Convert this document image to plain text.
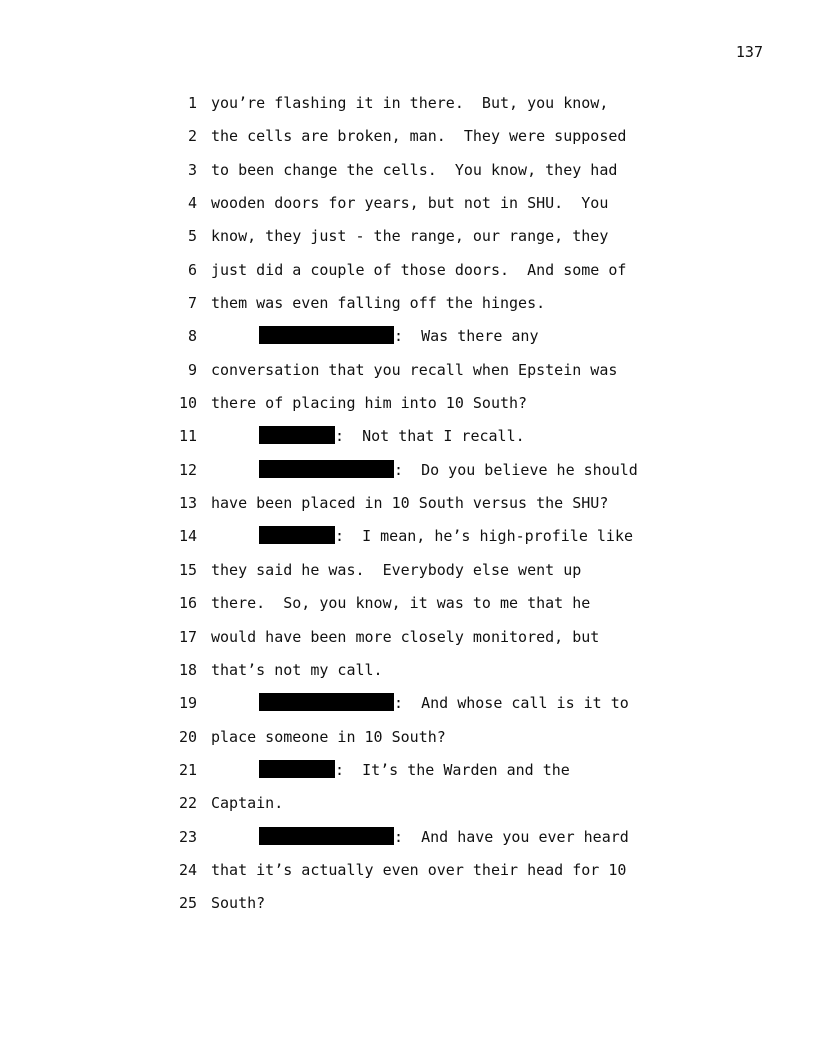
137
1 you’re flashing it in there.  But, you know,
2 the cells are broken, man.  They were supposed
3 to been change the cells.  You know, they had
4 wooden doors for years, but not in SHU.  You
5 know, they just - the range, our range, they
6 just did a couple of those doors.  And some of
7 them was even falling off the hinges.
8	:  Was there any
9 conversation that you recall when Epstein was
10 there of placing him into 10 South?
11	:  Not that I recall.
12	:  Do you believe he should
13 have been placed in 10 South versus the SHU?
14	:  I mean, he’s high-profile like
15 they said he was.  Everybody else went up
16 there.  So, you know, it was to me that he
17 would have been more closely monitored, but
18 that’s not my call.
19	:  And whose call is it to
20 place someone in 10 South?
21	:  It’s the Warden and the
22 Captain.
23	:  And have you ever heard
24 that it’s actually even over their head for 10
25 South?
